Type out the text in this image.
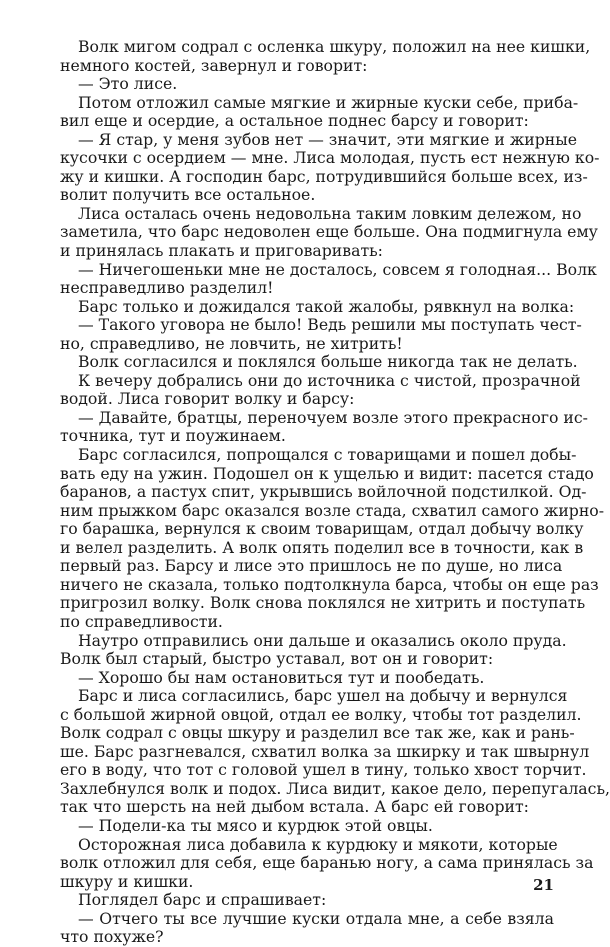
Волк мигом содрал с осленка шкуру, положил на нее кишки,
немного костей, завернул и говорит:
— Это лисе.
Потом отложил самые мягкие и жирные куски себе, приба-
вил еще и осердие, а остальное поднес барсу и говорит:
— Я стар, у меня зубов нет — значит, эти мягкие и жирные
кусочки с осердием — мне. Лиса молодая, пусть ест нежную ко-
жу и кишки. А господин барс, потрудившийся больше всех, из-
волит получить все остальное.
Лиса осталась очень недовольна таким ловким дележом, но
заметила, что барс недоволен еще больше. Она подмигнула ему
и принялась плакать и приговаривать:
— Ничегошеньки мне не досталось, совсем я голодная... Волк
несправедливо разделил!
Барс только и дожидался такой жалобы, рявкнул на волка:
— Такого уговора не было! Ведь решили мы поступать чест-
но, справедливо, не ловчить, не хитрить!
Волк согласился и поклялся больше никогда так не делать.
К вечеру добрались они до источника с чистой, прозрачной
водой. Лиса говорит волку и барсу:
— Давайте, братцы, переночуем возле этого прекрасного ис-
точника, тут и поужинаем.
Барс согласился, попрощался с товарищами и пошел добы-
вать еду на ужин. Подошел он к ущелью и видит: пасется стадо
баранов, а пастух спит, укрывшись войлочной подстилкой. Од-
ним прыжком барс оказался возле стада, схватил самого жирно-
го барашка, вернулся к своим товарищам, отдал добычу волку
и велел разделить. А волк опять поделил все в точности, как в
первый раз. Барсу и лисе это пришлось не по душе, но лиса
ничего не сказала, только подтолкнула барса, чтобы он еще раз
пригрозил волку. Волк снова поклялся не хитрить и поступать
по справедливости.
Наутро отправились они дальше и оказались около пруда.
Волк был старый, быстро уставал, вот он и говорит:
— Хорошо бы нам остановиться тут и пообедать.
Барс и лиса согласились, барс ушел на добычу и вернулся
с большой жирной овцой, отдал ее волку, чтобы тот разделил.
Волк содрал с овцы шкуру и разделил все так же, как и рань-
ше. Барс разгневался, схватил волка за шкирку и так швырнул
его в воду, что тот с головой ушел в тину, только хвост торчит.
Захлебнулся волк и подох. Лиса видит, какое дело, перепугалась,
так что шерсть на ней дыбом встала. А барс ей говорит:
— Подели-ка ты мясо и курдюк этой овцы.
Осторожная лиса добавила к курдюку и мякоти, которые
волк отложил для себя, еще баранью ногу, а сама принялась за
шкуру и кишки.
Поглядел барс и спрашивает:
— Отчего ты все лучшие куски отдала мне, а себе взяла
что похуже?
21
